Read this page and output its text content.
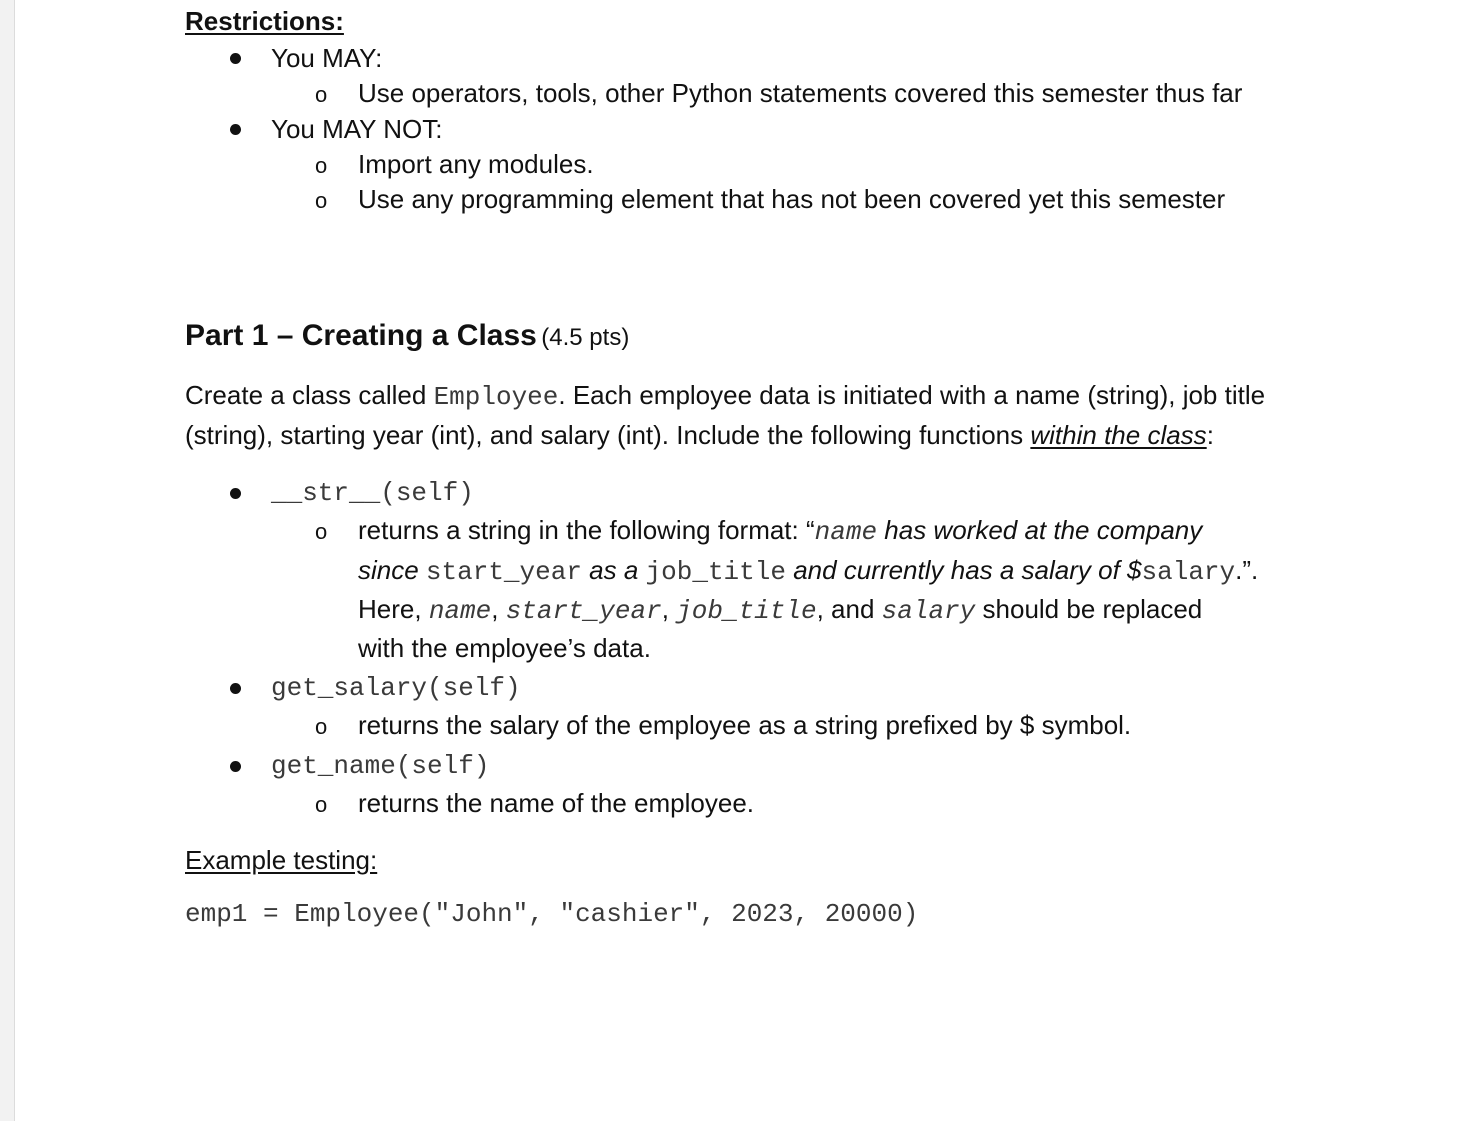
Restrictions:
You MAY:
o Use operators, tools, other Python statements covered this semester thus far
You MAY NOT:
o Import any modules.
o Use any programming element that has not been covered yet this semester
Part 1 – Creating a Class (4.5 pts)
Create a class called Employee. Each employee data is initiated with a name (string), job title
(string), starting year (int), and salary (int). Include the following functions within the class:
__str__(self)
o returns a string in the following format: “name has worked at the company
since start_year as a job_title and currently has a salary of $salary.”.
Here, name, start_year, job_title, and salary should be replaced
with the employee’s data.
get_salary(self)
o returns the salary of the employee as a string prefixed by $ symbol.
get_name(self)
o returns the name of the employee.
Example testing:
emp1 = Employee("John", "cashier", 2023, 20000)
